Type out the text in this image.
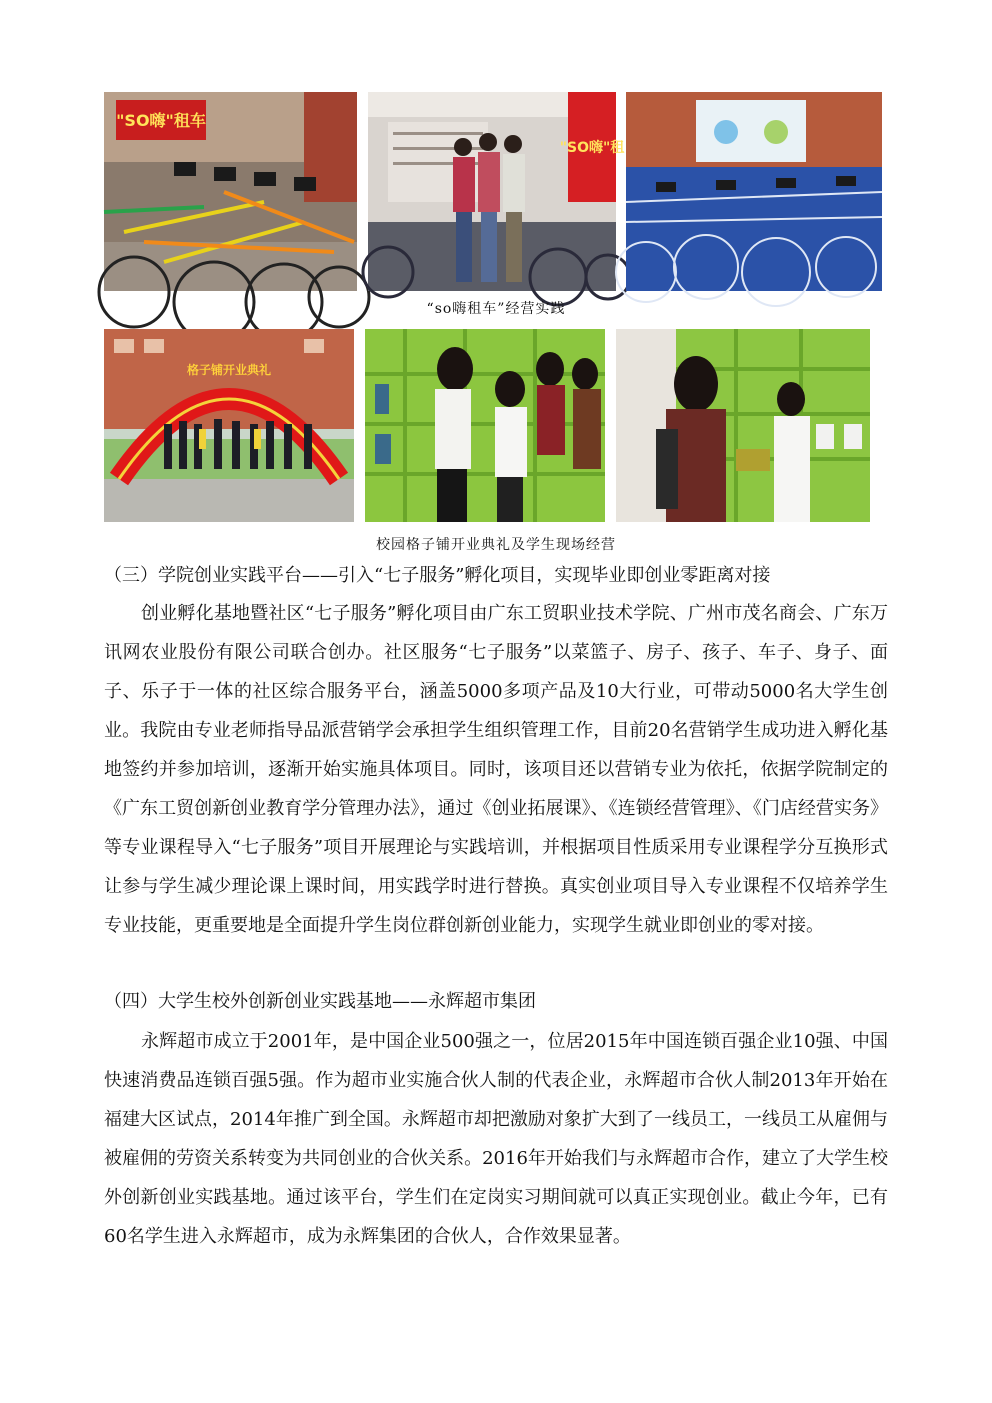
"SO嗨"租车
"SO嗨"租
“so嗨租车”经营实践
格子铺开业典礼
校园格子铺开业典礼及学生现场经营
（三）学院创业实践平台——引入“七子服务”孵化项目，实现毕业即创业零距离对接

创业孵化基地暨社区“七子服务”孵化项目由广东工贸职业技术学院、广州市茂名商会、广东万讯网农业股份有限公司联合创办。社区服务“七子服务”以菜篮子、房子、孩子、车子、身子、面子、乐子于一体的社区综合服务平台，涵盖5000多项产品及10大行业，可带动5000名大学生创业。我院由专业老师指导品派营销学会承担学生组织管理工作，目前20名营销学生成功进入孵化基地签约并参加培训，逐渐开始实施具体项目。同时，该项目还以营销专业为依托，依据学院制定的《广东工贸创新创业教育学分管理办法》，通过《创业拓展课》、《连锁经营管理》、《门店经营实务》等专业课程导入“七子服务”项目开展理论与实践培训，并根据项目性质采用专业课程学分互换形式让参与学生减少理论课上课时间，用实践学时进行替换。真实创业项目导入专业课程不仅培养学生专业技能，更重要地是全面提升学生岗位群创新创业能力，实现学生就业即创业的零对接。

（四）大学生校外创新创业实践基地——永辉超市集团

永辉超市成立于2001年，是中国企业500强之一，位居2015年中国连锁百强企业10强、中国快速消费品连锁百强5强。作为超市业实施合伙人制的代表企业，永辉超市合伙人制2013年开始在福建大区试点，2014年推广到全国。永辉超市却把激励对象扩大到了一线员工，一线员工从雇佣与被雇佣的劳资关系转变为共同创业的合伙关系。2016年开始我们与永辉超市合作，建立了大学生校外创新创业实践基地。通过该平台，学生们在定岗实习期间就可以真正实现创业。截止今年，已有60名学生进入永辉超市，成为永辉集团的合伙人，合作效果显著。
